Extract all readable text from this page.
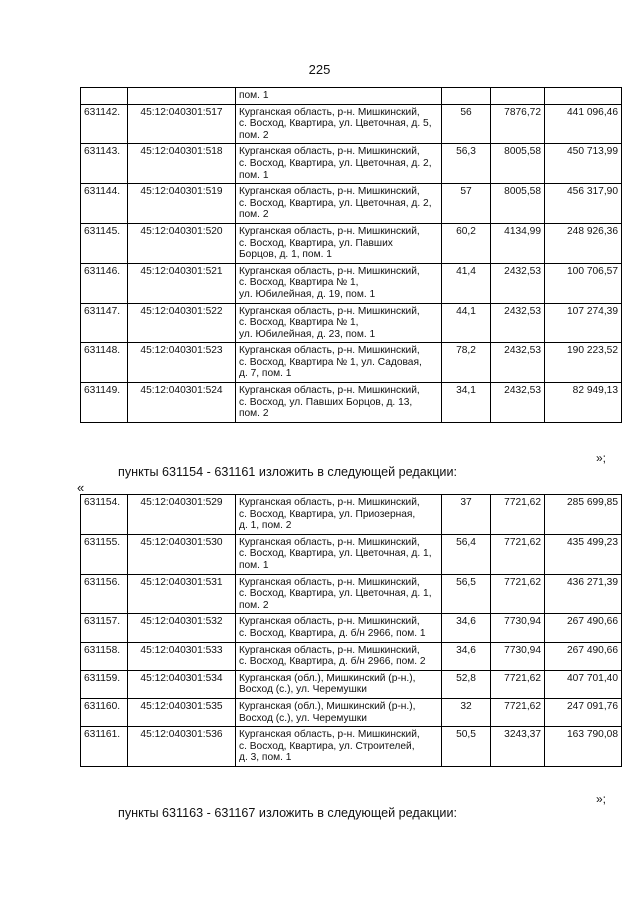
225
		пом. 1			
631142.	45:12:040301:517	Курганская область, р-н. Мишкинский,
с. Восход, Квартира, ул. Цветочная, д. 5,
пом. 2	56	7876,72	441 096,46
631143.	45:12:040301:518	Курганская область, р-н. Мишкинский,
с. Восход, Квартира, ул. Цветочная, д. 2,
пом. 1	56,3	8005,58	450 713,99
631144.	45:12:040301:519	Курганская область, р-н. Мишкинский,
с. Восход, Квартира, ул. Цветочная, д. 2,
пом. 2	57	8005,58	456 317,90
631145.	45:12:040301:520	Курганская область, р-н. Мишкинский,
с. Восход, Квартира, ул. Павших
Борцов, д. 1, пом. 1	60,2	4134,99	248 926,36
631146.	45:12:040301:521	Курганская область, р-н. Мишкинский,
с. Восход, Квартира № 1,
ул. Юбилейная, д. 19, пом. 1	41,4	2432,53	100 706,57
631147.	45:12:040301:522	Курганская область, р-н. Мишкинский,
с. Восход, Квартира № 1,
ул. Юбилейная, д. 23, пом. 1	44,1	2432,53	107 274,39
631148.	45:12:040301:523	Курганская область, р-н. Мишкинский,
с. Восход, Квартира № 1, ул. Садовая,
д. 7, пом. 1	78,2	2432,53	190 223,52
631149.	45:12:040301:524	Курганская область, р-н. Мишкинский,
с. Восход, ул. Павших Борцов, д. 13,
пом. 2	34,1	2432,53	82 949,13
»;
пункты 631154 - 631161 изложить в следующей редакции:
«
631154.	45:12:040301:529	Курганская область, р-н. Мишкинский,
с. Восход, Квартира, ул. Приозерная,
д. 1, пом. 2	37	7721,62	285 699,85
631155.	45:12:040301:530	Курганская область, р-н. Мишкинский,
с. Восход, Квартира, ул. Цветочная, д. 1,
пом. 1	56,4	7721,62	435 499,23
631156.	45:12:040301:531	Курганская область, р-н. Мишкинский,
с. Восход, Квартира, ул. Цветочная, д. 1,
пом. 2	56,5	7721,62	436 271,39
631157.	45:12:040301:532	Курганская область, р-н. Мишкинский,
с. Восход, Квартира, д. б/н 2966, пом. 1	34,6	7730,94	267 490,66
631158.	45:12:040301:533	Курганская область, р-н. Мишкинский,
с. Восход, Квартира, д. б/н 2966, пом. 2	34,6	7730,94	267 490,66
631159.	45:12:040301:534	Курганская (обл.), Мишкинский (р-н.),
Восход (с.), ул. Черемушки	52,8	7721,62	407 701,40
631160.	45:12:040301:535	Курганская (обл.), Мишкинский (р-н.),
Восход (с.), ул. Черемушки	32	7721,62	247 091,76
631161.	45:12:040301:536	Курганская область, р-н. Мишкинский,
с. Восход, Квартира, ул. Строителей,
д. 3, пом. 1	50,5	3243,37	163 790,08
»;
пункты 631163 - 631167 изложить в следующей редакции:
